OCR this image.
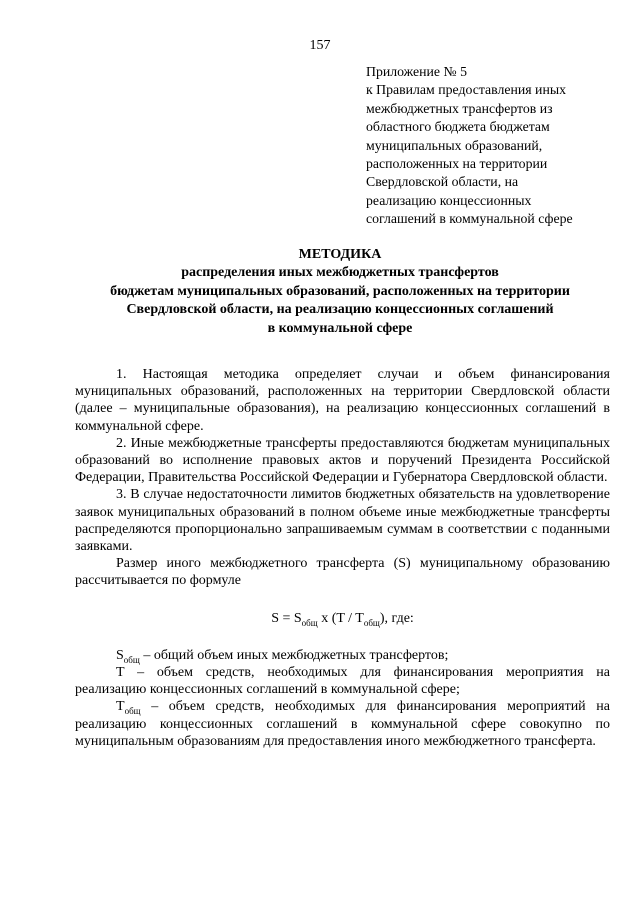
157
Приложение № 5
к Правилам предоставления иных
межбюджетных трансфертов из
областного бюджета бюджетам
муниципальных образований,
расположенных на территории
Свердловской области, на
реализацию концессионных
соглашений в коммунальной сфере
МЕТОДИКА
распределения иных межбюджетных трансфертов
бюджетам муниципальных образований, расположенных на территории
Свердловской области, на реализацию концессионных соглашений
в коммунальной сфере

1. Настоящая методика определяет случаи и объем финансирования муниципальных образований, расположенных на территории Свердловской области (далее – муниципальные образования), на реализацию концессионных соглашений в коммунальной сфере.

2. Иные межбюджетные трансферты предоставляются бюджетам муниципальных образований во исполнение правовых актов и поручений Президента Российской Федерации, Правительства Российской Федерации и Губернатора Свердловской области.

3. В случае недостаточности лимитов бюджетных обязательств на удовлетворение заявок муниципальных образований в полном объеме иные межбюджетные трансферты распределяются пропорционально запрашиваемым суммам в соответствии с поданными заявками.

Размер иного межбюджетного трансферта (S) муниципальному образованию рассчитывается по формуле

$S = S_{общ}$ x $(T / T_{общ})$, где:

$S_{общ}$ – общий объем иных межбюджетных трансфертов;

T – объем средств, необходимых для финансирования мероприятия на реализацию концессионных соглашений в коммунальной сфере;

$T_{общ}$ – объем средств, необходимых для финансирования мероприятий на реализацию концессионных соглашений в коммунальной сфере совокупно по муниципальным образованиям для предоставления иного межбюджетного трансферта.
